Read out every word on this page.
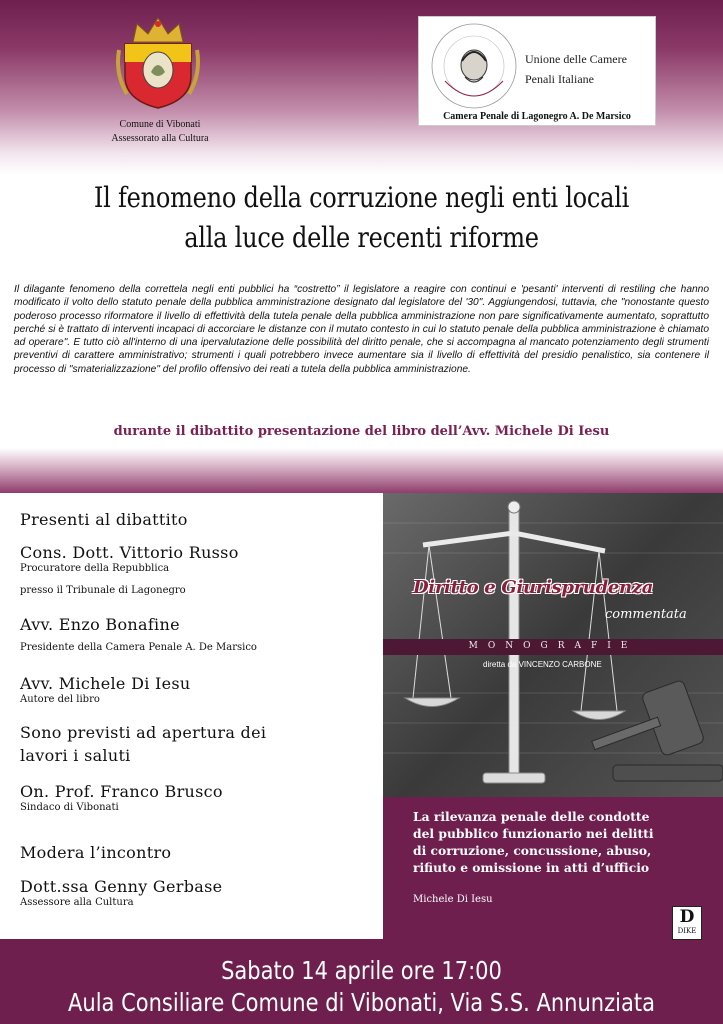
Comune di Vibonati
Assessorato alla Cultura
Unione delle Camere
Penali Italiane
Camera Penale di Lagonegro A. De Marsico
Il fenomeno della corruzione negli enti locali
alla luce delle recenti riforme
Il dilagante fenomeno della correttela negli enti pubblici ha “costretto” il legislatore a reagire con continui e 'pesanti' interventi di restiling che hanno modificato il volto dello statuto penale della pubblica amministrazione designato dal legislatore del '30". Aggiungendosi, tuttavia, che "nonostante questo poderoso processo riformatore il livello di effettività della tutela penale della pubblica amministrazione non pare significativamente aumentato, soprattutto perché si è trattato di interventi incapaci di accorciare le distanze con il mutato contesto in cui lo statuto penale della pubblica amministrazione è chiamato ad operare". E tutto ciò all'interno di una ipervalutazione delle possibilità del diritto penale, che si accompagna al mancato potenziamento degli strumenti preventivi di carattere amministrativo; strumenti i quali potrebbero invece aumentare sia il livello di effettività del presidio penalistico, sia contenere il processo di "smaterializzazione" del profilo offensivo dei reati a tutela della pubblica amministrazione.
durante il dibattito presentazione del libro dell’Avv. Michele Di Iesu
Presenti al dibattito
Cons. Dott. Vittorio Russo
Procuratore della Repubblica
presso il Tribunale di Lagonegro
Avv. Enzo Bonafine
Presidente della Camera Penale A. De Marsico
Avv. Michele Di Iesu
Autore del libro
Sono previsti ad apertura dei
lavori i saluti
On. Prof. Franco Brusco
Sindaco di Vibonati
Modera l’incontro
Dott.ssa Genny Gerbase
Assessore alla Cultura
Diritto e Giurisprudenza
commentata
MONOGRAFIE
diretta da VINCENZO CARBONE
La rilevanza penale delle condotte
del pubblico funzionario nei delitti
di corruzione, concussione, abuso,
rifiuto e omissione in atti d’ufficio
Michele Di Iesu
D
DIKE
Sabato 14 aprile ore 17:00
Aula Consiliare Comune di Vibonati, Via S.S. Annunziata
